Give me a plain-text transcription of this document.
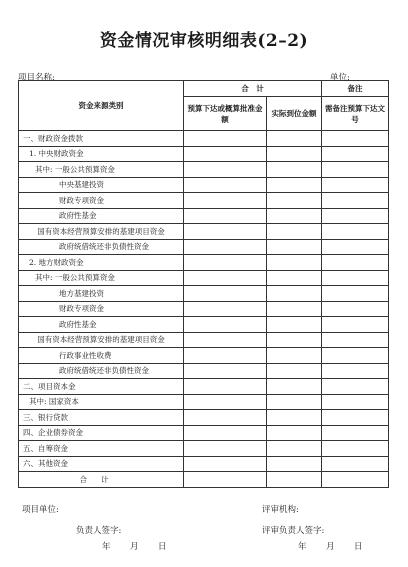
资金情况审核明细表(2–2)
项目名称:	单位:
资金来源类别	合　计		备注
	预算下达或概算批准金额	实际到位金额	需备注预算下达文号
一、财政资金拨款			
1. 中央财政资金			
其中: 一般公共预算资金			
中央基建投资			
财政专项资金			
政府性基金			
国有资本经营预算安排的基建项目资金			
政府统借统还非负债性资金			
2. 地方财政资金			
其中: 一般公共预算资金			
地方基建投资			
财政专项资金			
政府性基金			
国有资本经营预算安排的基建项目资金			
行政事业性收费			
政府统借统还非负债性资金			
二、项目资本金			
其中: 国家资本			
三、银行贷款			
四、企业债券资金			
五、自筹资金			
六、其他资金			
合计			
项目单位:	评审机构:
负责人签字:	评审负责人签字:
年 月 日	年 月 日
